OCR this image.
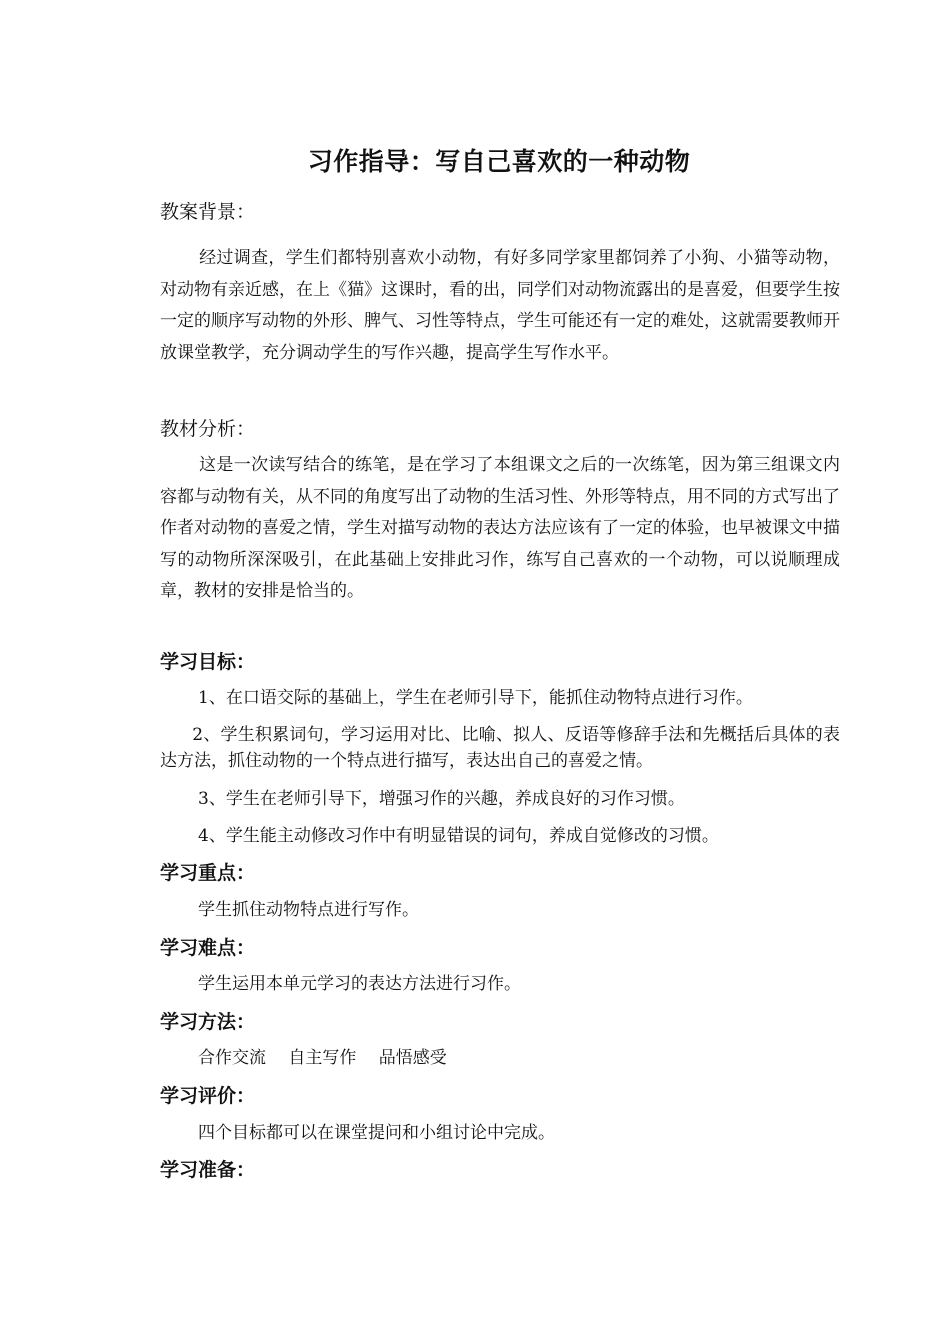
习作指导：写自己喜欢的一种动物
教案背景：

经过调查，学生们都特别喜欢小动物，有好多同学家里都饲养了小狗、小猫等动物，对动物有亲近感，在上《猫》这课时，看的出，同学们对动物流露出的是喜爱，但要学生按一定的顺序写动物的外形、脾气、习性等特点，学生可能还有一定的难处，这就需要教师开放课堂教学，充分调动学生的写作兴趣，提高学生写作水平。

教材分析：

这是一次读写结合的练笔，是在学习了本组课文之后的一次练笔，因为第三组课文内容都与动物有关，从不同的角度写出了动物的生活习性、外形等特点，用不同的方式写出了作者对动物的喜爱之情，学生对描写动物的表达方法应该有了一定的体验，也早被课文中描写的动物所深深吸引，在此基础上安排此习作，练写自己喜欢的一个动物，可以说顺理成章，教材的安排是恰当的。

学习目标：

1、在口语交际的基础上，学生在老师引导下，能抓住动物特点进行习作。

2、学生积累词句，学习运用对比、比喻、拟人、反语等修辞手法和先概括后具体的表达方法，抓住动物的一个特点进行描写，表达出自己的喜爱之情。

3、学生在老师引导下，增强习作的兴趣，养成良好的习作习惯。

4、学生能主动修改习作中有明显错误的词句，养成自觉修改的习惯。

学习重点：

学生抓住动物特点进行写作。

学习难点：

学生运用本单元学习的表达方法进行习作。

学习方法：

合作交流　 自主写作　 品悟感受

学习评价：

四个目标都可以在课堂提问和小组讨论中完成。

学习准备：
